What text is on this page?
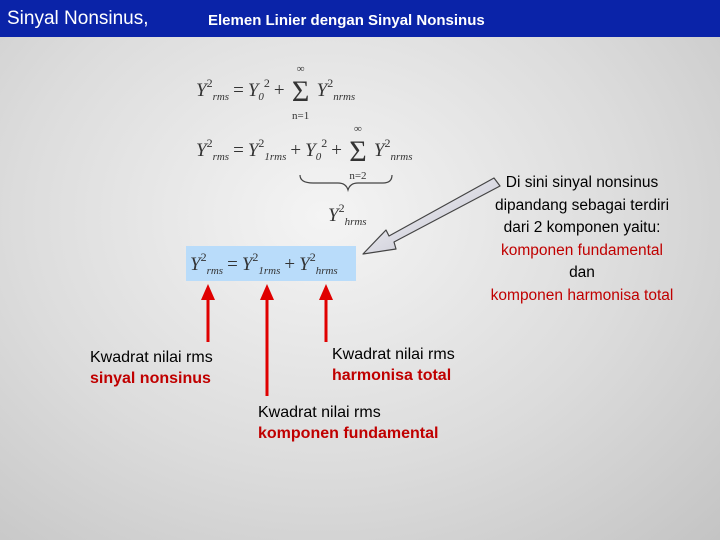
Sinyal Nonsinus,	Elemen Linier dengan Sinyal Nonsinus
$Y^2_{rms} = Y_0^2$ +
∞
Σ
n=1
$Y^2_{nrms}$
$Y^2_{rms} = Y^2_{1rms} + Y_0^2$ +
∞
Σ
n=2
$Y^2_{nrms}$
$Y^2_{hrms}$
$Y^2_{rms} = Y^2_{1rms} + Y^2_{hrms}$
Di sini sinyal nonsinus
dipandang sebagai terdiri
dari 2 komponen yaitu:
komponen fundamental
dan
komponen harmonisa total
Kwadrat nilai rms
sinyal nonsinus
Kwadrat nilai rms
harmonisa total
Kwadrat nilai rms
komponen fundamental
